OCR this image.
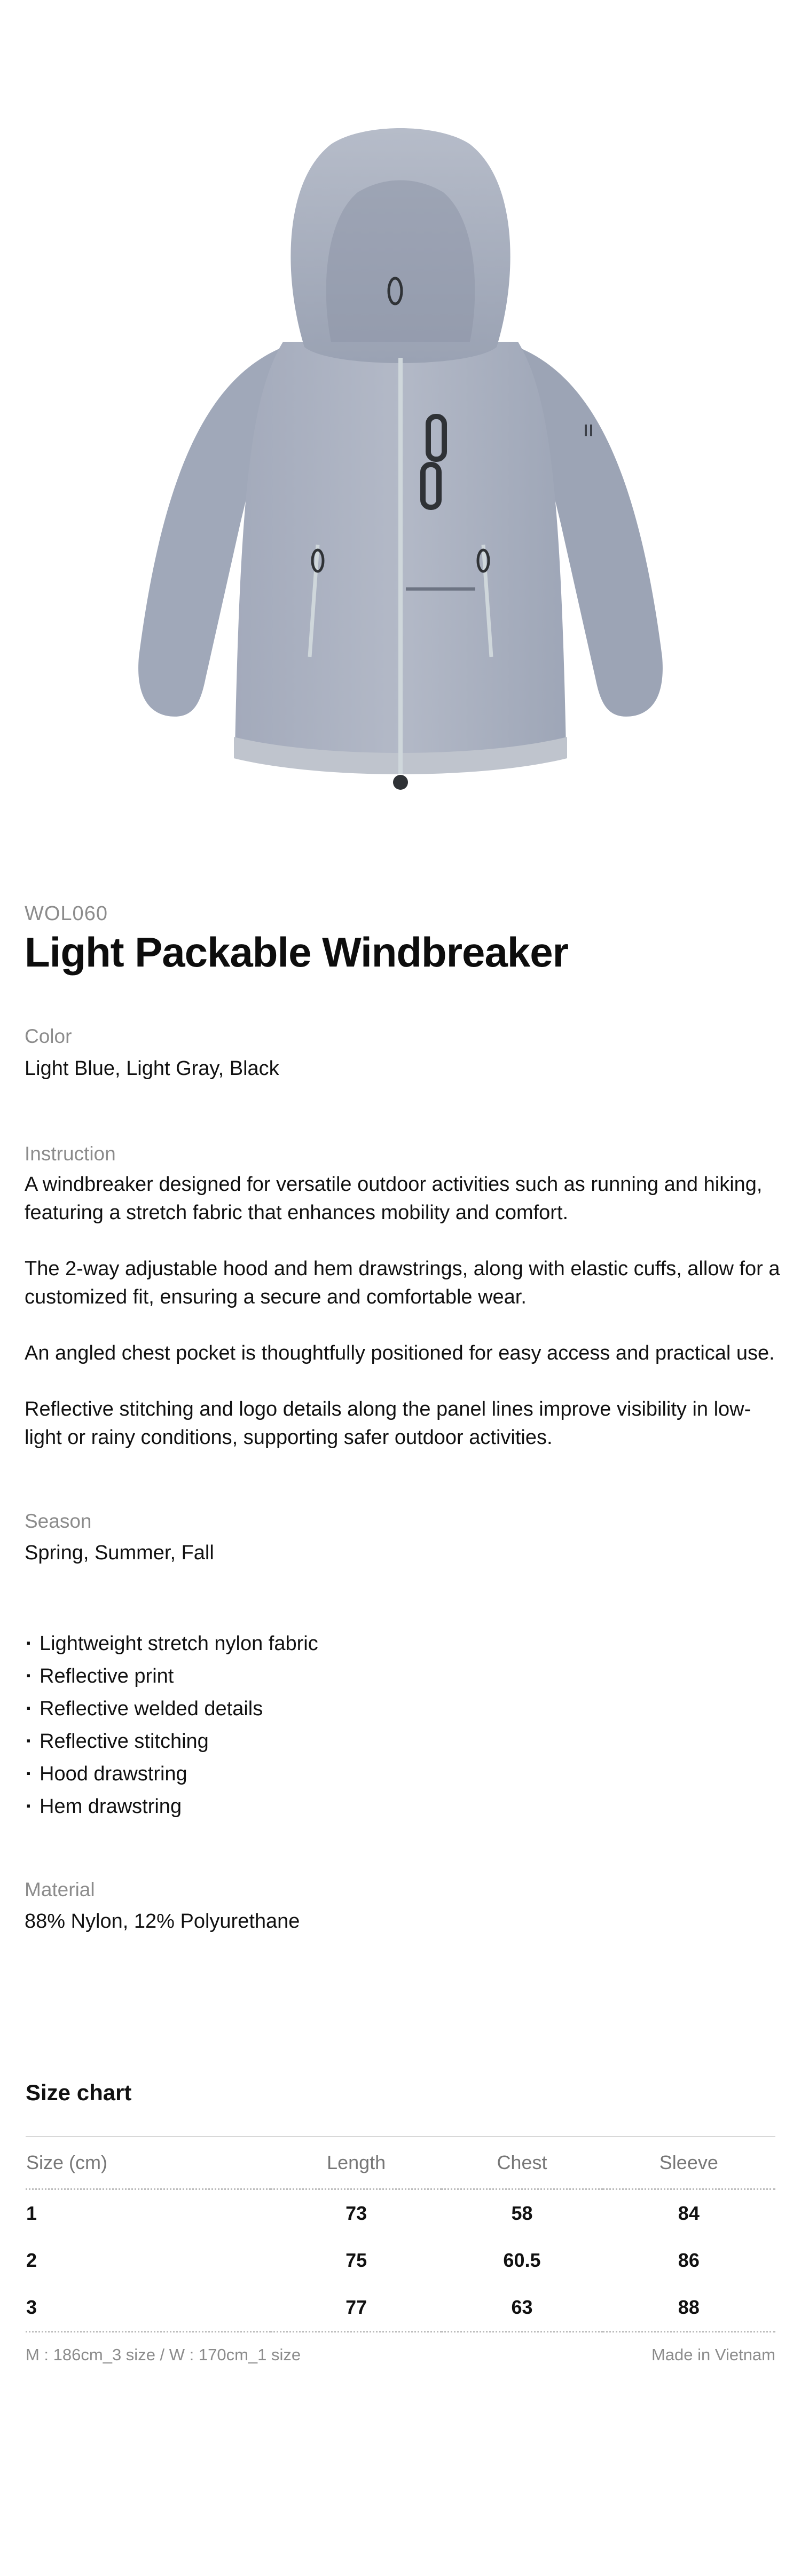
WOL060
Light Packable Windbreaker
Color
Light Blue, Light Gray, Black
Instruction

A windbreaker designed for versatile outdoor activities such as running and hiking, featuring a stretch fabric that enhances mobility and comfort.

The 2-way adjustable hood and hem drawstrings, along with elastic cuffs, allow for a customized fit, ensuring a secure and comfortable wear.

An angled chest pocket is thoughtfully positioned for easy access and practical use.

Reflective stitching and logo details along the panel lines improve visibility in low-light or rainy conditions, supporting safer outdoor activities.

Season
Spring, Summer, Fall
· Lightweight stretch nylon fabric
· Reflective print
· Reflective welded details
· Reflective stitching
· Hood drawstring
· Hem drawstring
Material
88% Nylon, 12% Polyurethane
Size chart
Size (cm)	Length	Chest	Sleeve
1	73	58	84
2	75	60.5	86
3	77	63	88
M : 186cm_3 size / W : 170cm_1 size	Made in Vietnam
